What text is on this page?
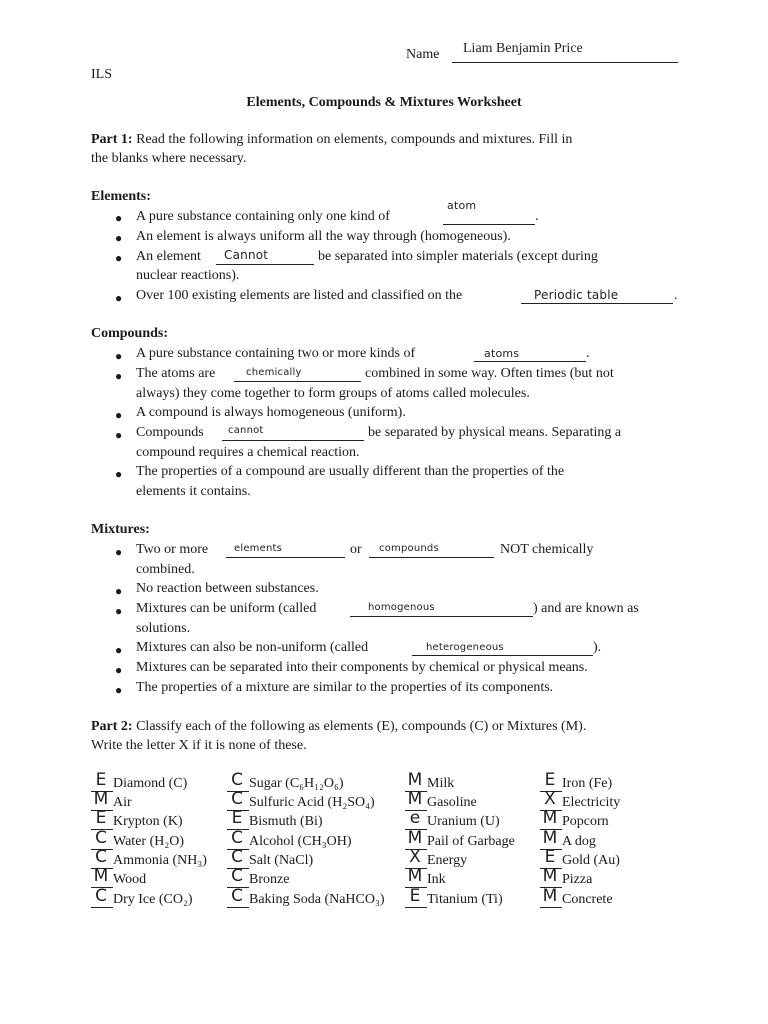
Name Liam Benjamin Price
ILS
Elements, Compounds & Mixtures Worksheet
Part 1: Read the following information on elements, compounds and mixtures. Fill in
the blanks where necessary.
Elements:
● A pure substance containing only one kind of
atom
.
● An element is always uniform all the way through (homogeneous).
● An element Cannot	be separated into simpler materials (except during
nuclear reactions).
● Over 100 existing elements are listed and classified on the	Periodic table	.
Compounds:
● A pure substance containing two or more kinds of	atoms	.
● The atoms are	chemically	combined in some way. Often times (but not
always) they come together to form groups of atoms called molecules.
● A compound is always homogeneous (uniform).
● Compounds cannot	be separated by physical means. Separating a
compound requires a chemical reaction.
● The properties of a compound are usually different than the properties of the
elements it contains.
Mixtures:
● Two or more	elements	or compounds	NOT chemically
combined.
● No reaction between substances.
● Mixtures can be uniform (called	homogenous	) and are known as
solutions.
● Mixtures can also be non-uniform (called	heterogeneous	).
● Mixtures can be separated into their components by chemical or physical means.
● The properties of a mixture are similar to the properties of its components.
Part 2: Classify each of the following as elements (E), compounds (C) or Mixtures (M).
Write the letter X if it is none of these.
E Diamond (C)
M Air
E Krypton (K)
C Water (H₂O)
C Ammonia (NH₃)
M Wood
C Dry Ice (CO₂)
C Sugar (C₆H₁₂O₆)
C Sulfuric Acid (H₂SO₄)
E Bismuth (Bi)
C Alcohol (CH₃OH)
C Salt (NaCl)
C Bronze
C Baking Soda (NaHCO₃)
M Milk
M Gasoline
e Uranium (U)
M Pail of Garbage
X Energy
M Ink
E Titanium (Ti)
E Iron (Fe)
X Electricity
M Popcorn
M A dog
E Gold (Au)
M Pizza
M Concrete
